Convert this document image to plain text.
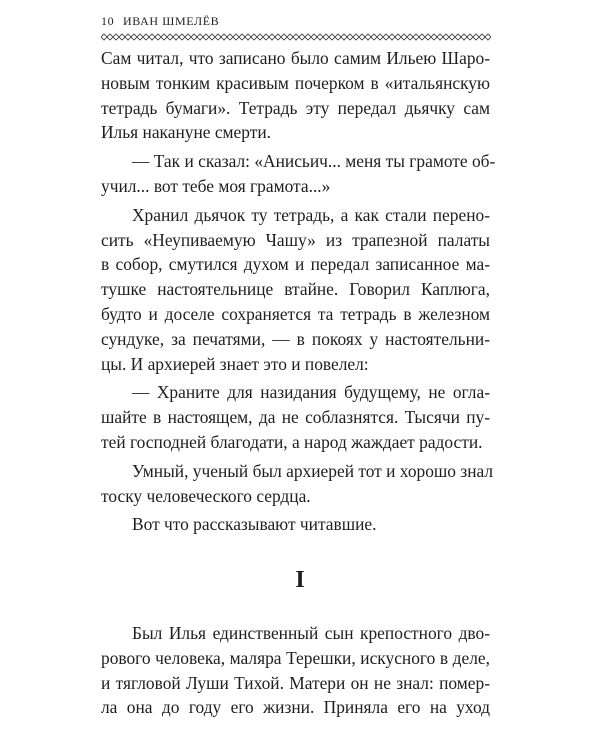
10 ИВАН ШМЕЛЁВ

Сам читал, что записано было самим Ильею Шаро-

новым тонким красивым почерком в «итальянскую

тетрадь бумаги». Тетрадь эту передал дьячку сам

Илья накануне смерти.

— Так и сказал: «Анисьич... меня ты грамоте об-

учил... вот тебе моя грамота...»

Хранил дьячок ту тетрадь, а как стали перено-

сить «Неупиваемую Чашу» из трапезной палаты

в собор, смутился духом и передал записанное ма-

тушке настоятельнице втайне. Говорил Каплюга,

будто и доселе сохраняется та тетрадь в железном

сундуке, за печатями, — в покоях у настоятельни-

цы. И архиерей знает это и повелел:

— Храните для назидания будущему, не оглa-

шайте в настоящем, да не соблазнятся. Тысячи пу-

тей господней благодати, а народ жаждает радости.

Умный, ученый был архиерей тот и хорошо знал

тоску человеческого сердца.

Вот что рассказывают читавшие.

I

Был Илья единственный сын крепостного дво-

рового человека, маляра Терешки, искусного в деле,

и тягловой Луши Тихой. Матери он не знал: помер-

ла она до году его жизни. Приняла его на уход
